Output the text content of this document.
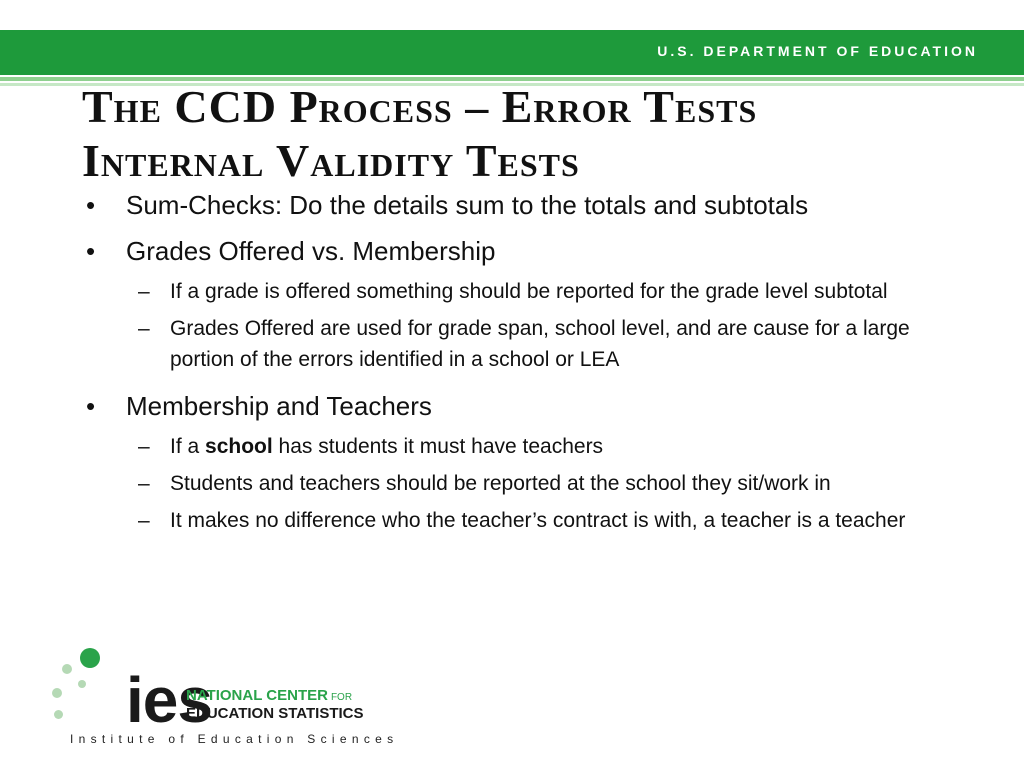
U.S. DEPARTMENT OF EDUCATION
The CCD Process – Error Tests
Internal Validity Tests
• Sum-Checks: Do the details sum to the totals and subtotals
• Grades Offered vs. Membership
– If a grade is offered something should be reported for the grade level subtotal
– Grades Offered are used for grade span, school level, and are cause for a large portion of the errors identified in a school or LEA
• Membership and Teachers
– If a school has students it must have teachers
– Students and teachers should be reported at the school they sit/work in
– It makes no difference who the teacher’s contract is with, a teacher is a teacher
ies
NATIONAL CENTER FOR
EDUCATION STATISTICS
Institute of Education Sciences
